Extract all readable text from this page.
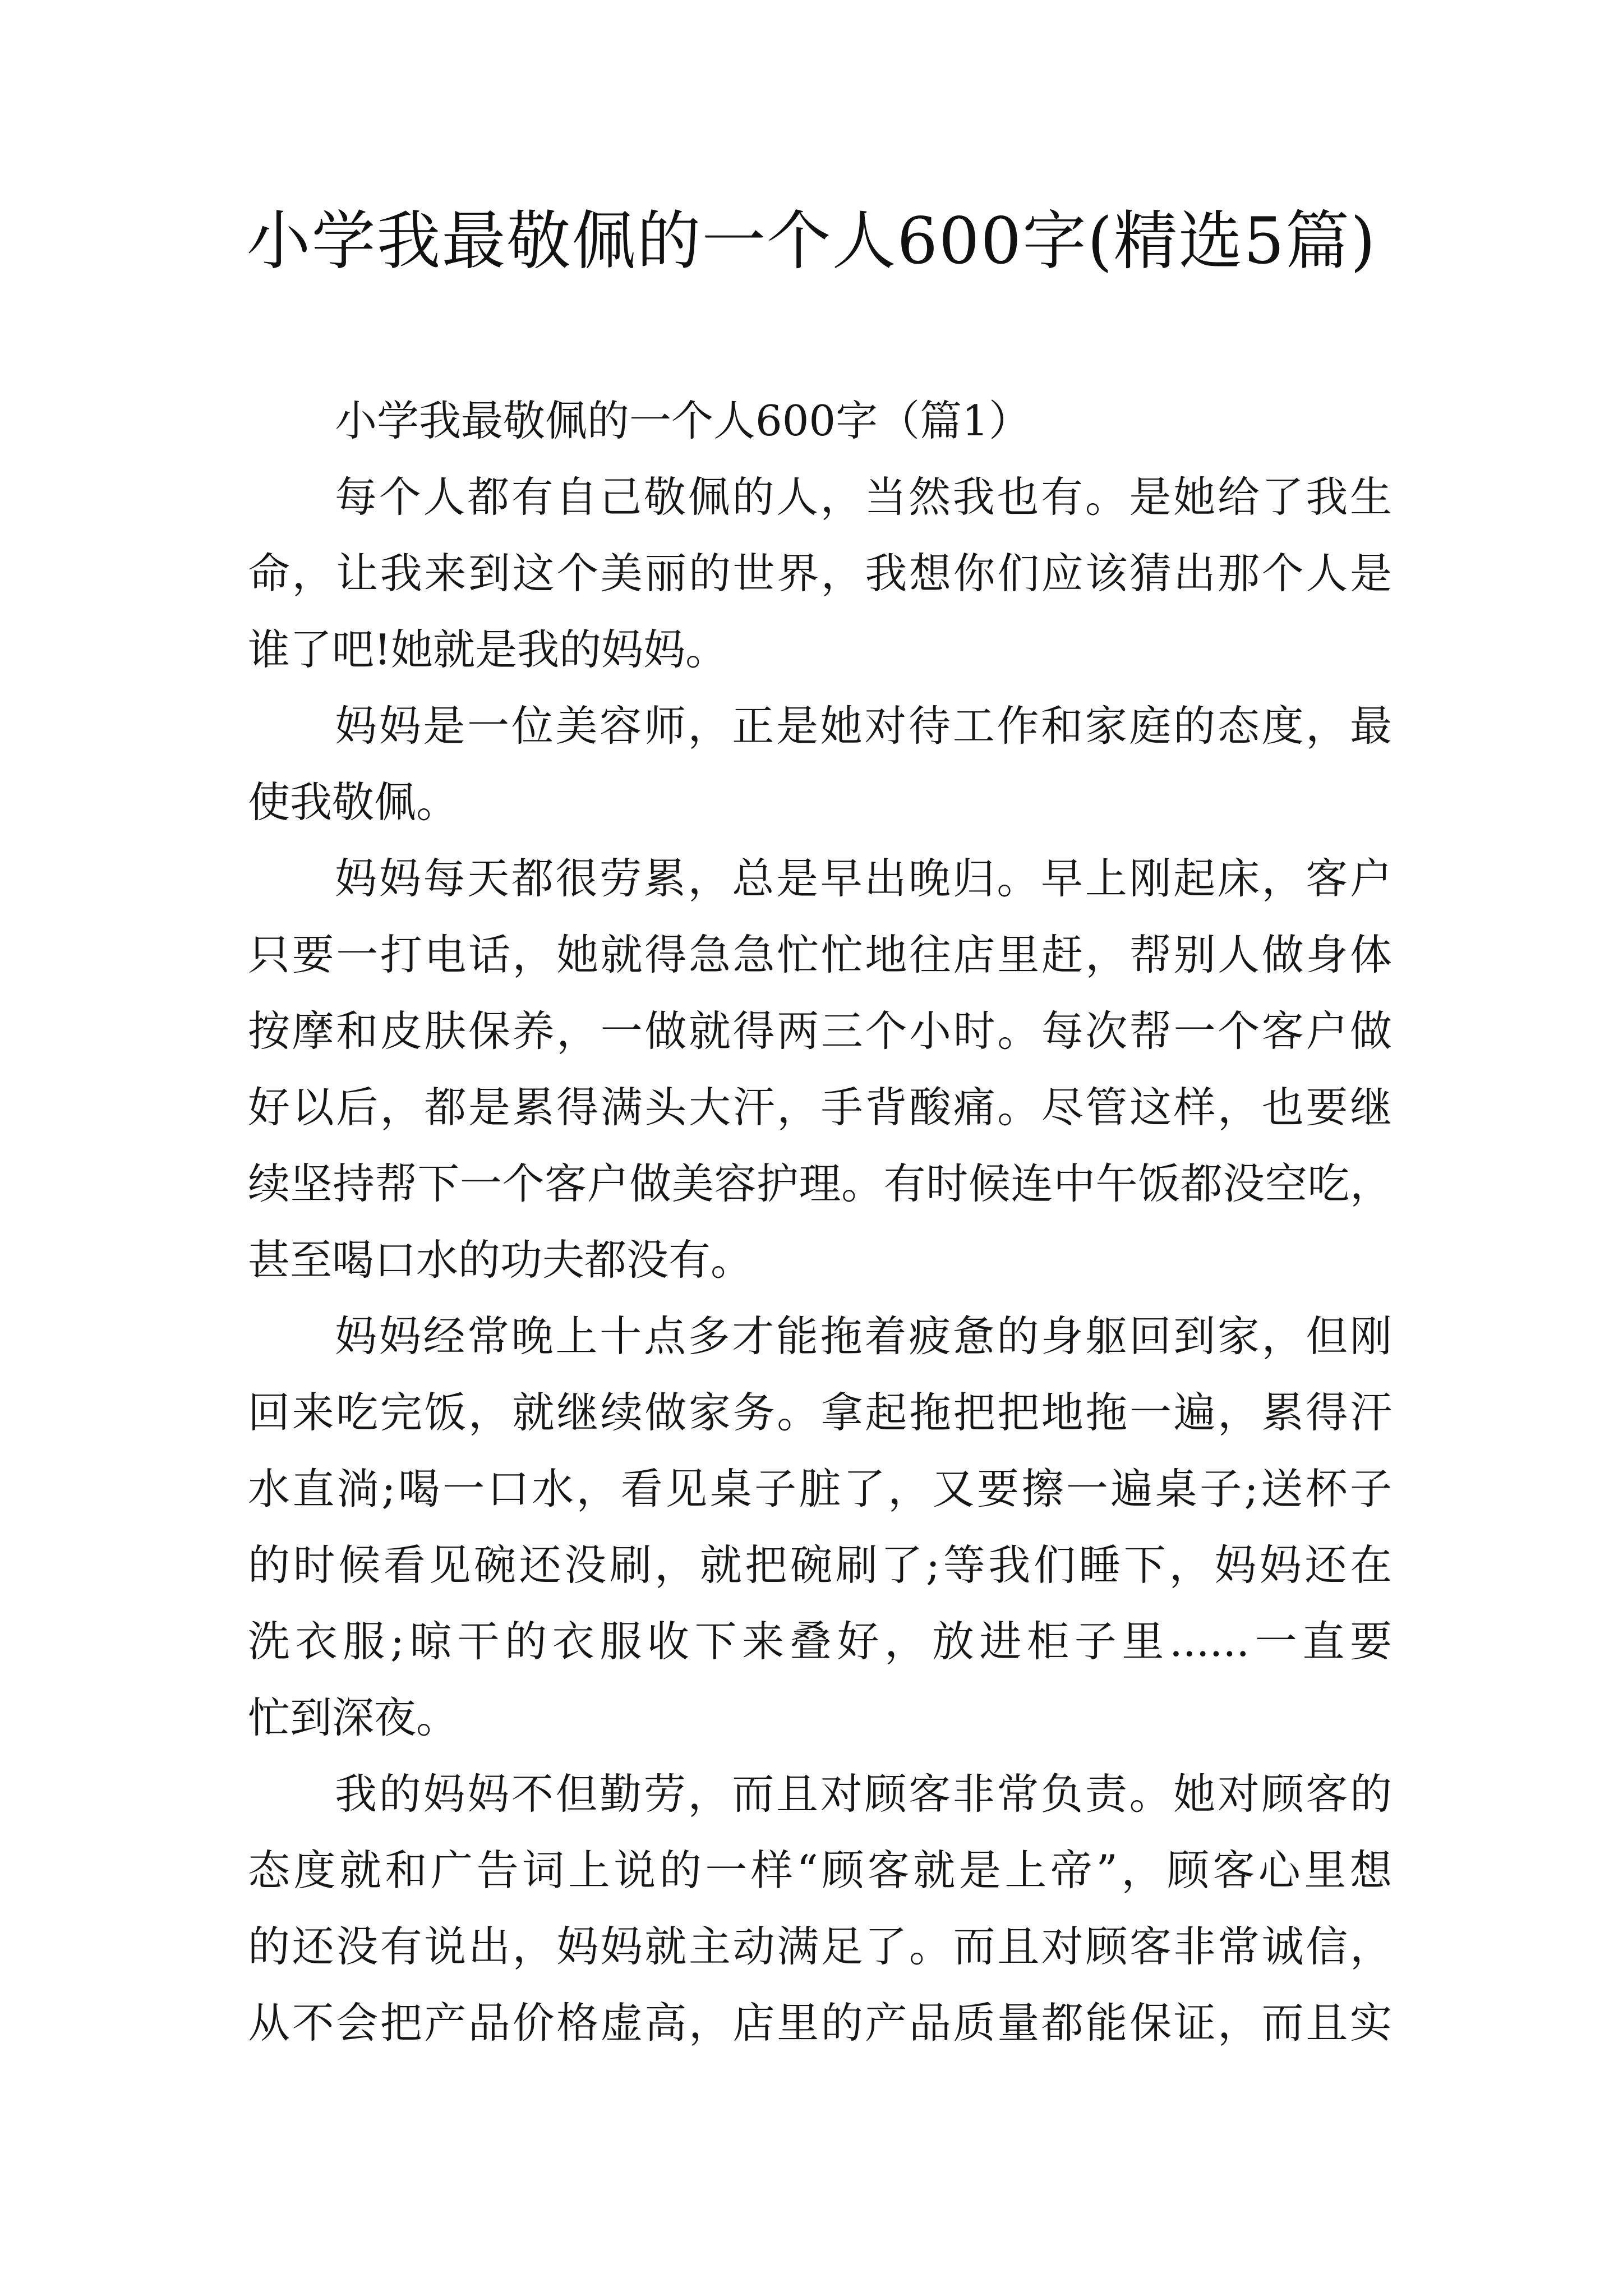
小学我最敬佩的一个人600字(精选5篇)
小学我最敬佩的一个人600字（篇1）
每个人都有自己敬佩的人，当然我也有。是她给了我生
命，让我来到这个美丽的世界，我想你们应该猜出那个人是
谁了吧!她就是我的妈妈。
妈妈是一位美容师，正是她对待工作和家庭的态度，最
使我敬佩。
妈妈每天都很劳累，总是早出晚归。早上刚起床，客户
只要一打电话，她就得急急忙忙地往店里赶，帮别人做身体
按摩和皮肤保养，一做就得两三个小时。每次帮一个客户做
好以后，都是累得满头大汗，手背酸痛。尽管这样，也要继
续坚持帮下一个客户做美容护理。有时候连中午饭都没空吃，
甚至喝口水的功夫都没有。
妈妈经常晚上十点多才能拖着疲惫的身躯回到家，但刚
回来吃完饭，就继续做家务。拿起拖把把地拖一遍，累得汗
水直淌;喝一口水，看见桌子脏了，又要擦一遍桌子;送杯子
的时候看见碗还没刷，就把碗刷了;等我们睡下，妈妈还在
洗衣服;晾干的衣服收下来叠好，放进柜子里......一直要
忙到深夜。
我的妈妈不但勤劳，而且对顾客非常负责。她对顾客的
态度就和广告词上说的一样“顾客就是上帝”，顾客心里想
的还没有说出，妈妈就主动满足了。而且对顾客非常诚信，
从不会把产品价格虚高，店里的产品质量都能保证，而且实
